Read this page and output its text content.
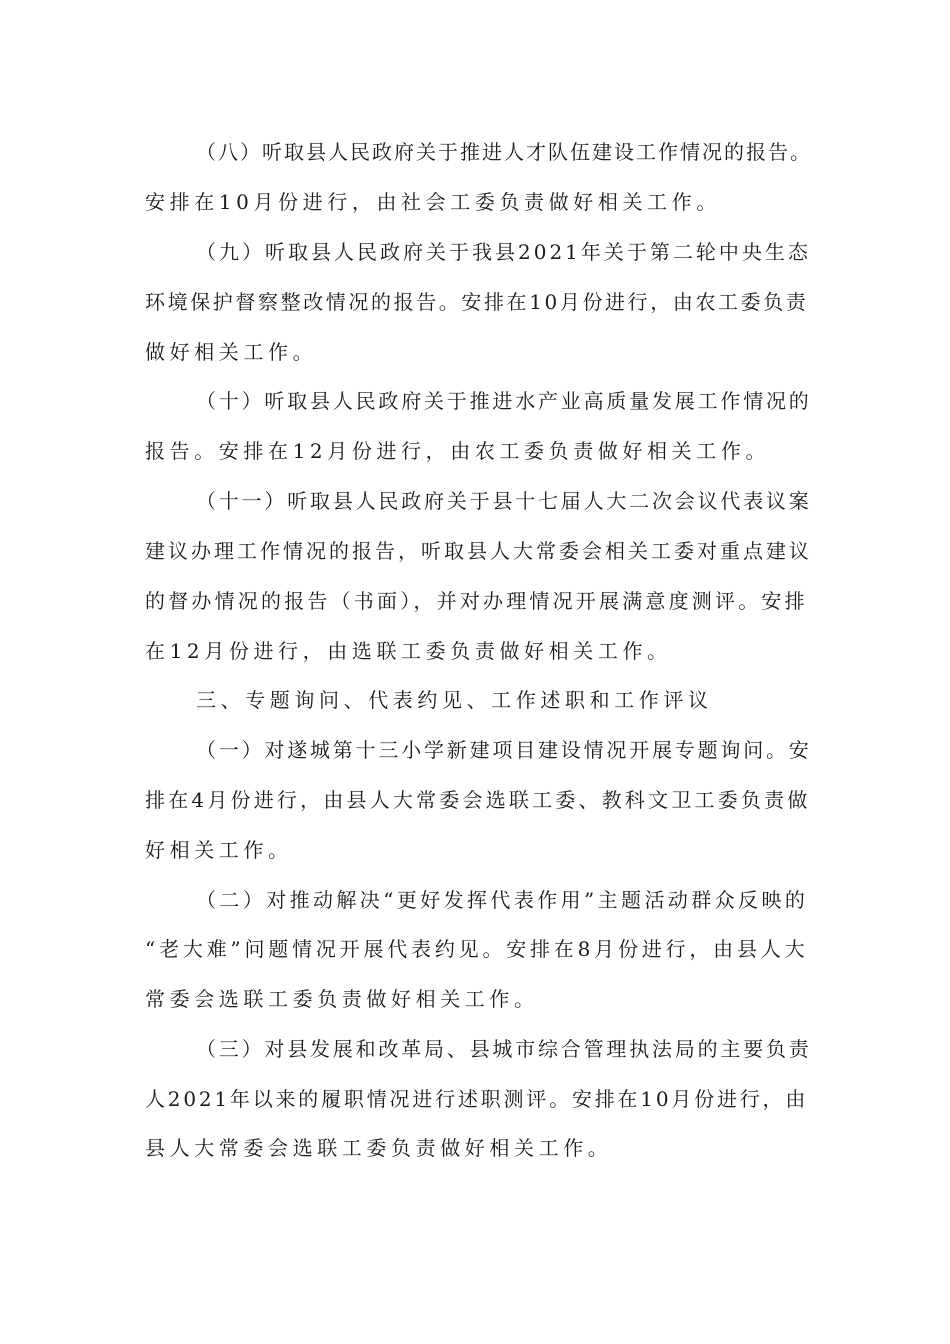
（八）听取县人民政府关于推进人才队伍建设工作情况的报告。
安排在10月份进行，由社会工委负责做好相关工作。
（九）听取县人民政府关于我县2021年关于第二轮中央生态
环境保护督察整改情况的报告。安排在10月份进行，由农工委负责
做好相关工作。
（十）听取县人民政府关于推进水产业高质量发展工作情况的
报告。安排在12月份进行，由农工委负责做好相关工作。
（十一）听取县人民政府关于县十七届人大二次会议代表议案
建议办理工作情况的报告，听取县人大常委会相关工委对重点建议
的督办情况的报告（书面），并对办理情况开展满意度测评。安排
在12月份进行，由选联工委负责做好相关工作。
三、专题询问、代表约见、工作述职和工作评议
（一）对遂城第十三小学新建项目建设情况开展专题询问。安
排在4月份进行，由县人大常委会选联工委、教科文卫工委负责做
好相关工作。
（二）对推动解决“更好发挥代表作用”主题活动群众反映的
“老大难”问题情况开展代表约见。安排在8月份进行，由县人大
常委会选联工委负责做好相关工作。
（三）对县发展和改革局、县城市综合管理执法局的主要负责
人2021年以来的履职情况进行述职测评。安排在10月份进行，由
县人大常委会选联工委负责做好相关工作。
